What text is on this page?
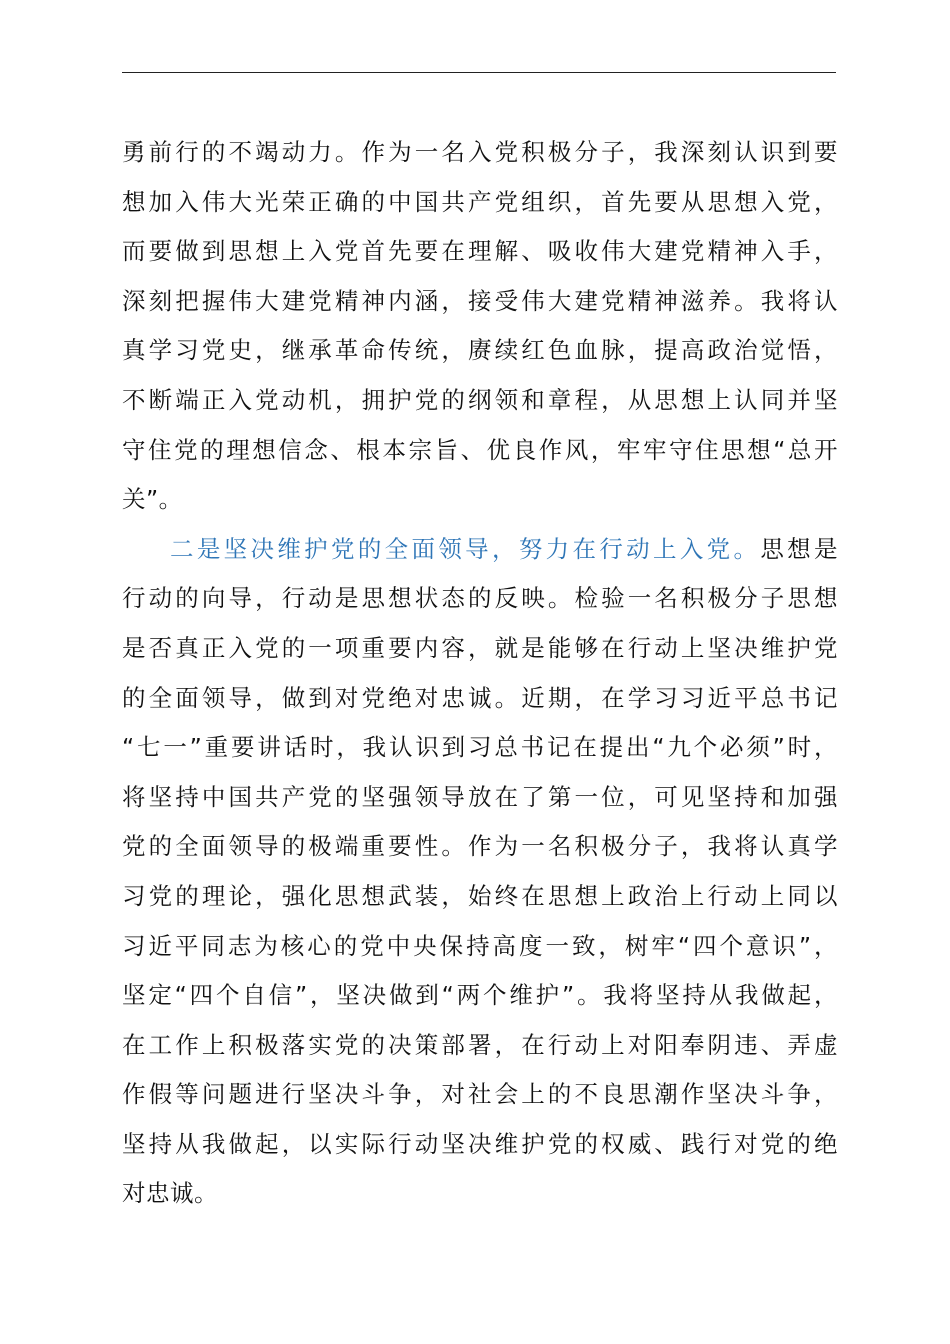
勇前行的不竭动力。作为一名入党积极分子，我深刻认识到要
想加入伟大光荣正确的中国共产党组织，首先要从思想入党，
而要做到思想上入党首先要在理解、吸收伟大建党精神入手，
深刻把握伟大建党精神内涵，接受伟大建党精神滋养。我将认
真学习党史，继承革命传统，赓续红色血脉，提高政治觉悟，
不断端正入党动机，拥护党的纲领和章程，从思想上认同并坚
守住党的理想信念、根本宗旨、优良作风，牢牢守住思想“总开
关”。
二是坚决维护党的全面领导，努力在行动上入党。思想是
行动的向导，行动是思想状态的反映。检验一名积极分子思想
是否真正入党的一项重要内容，就是能够在行动上坚决维护党
的全面领导，做到对党绝对忠诚。近期，在学习习近平总书记
“七一”重要讲话时，我认识到习总书记在提出“九个必须”时，
将坚持中国共产党的坚强领导放在了第一位，可见坚持和加强
党的全面领导的极端重要性。作为一名积极分子，我将认真学
习党的理论，强化思想武装，始终在思想上政治上行动上同以
习近平同志为核心的党中央保持高度一致，树牢“四个意识”，
坚定“四个自信”，坚决做到“两个维护”。我将坚持从我做起，
在工作上积极落实党的决策部署，在行动上对阳奉阴违、弄虚
作假等问题进行坚决斗争，对社会上的不良思潮作坚决斗争，
坚持从我做起，以实际行动坚决维护党的权威、践行对党的绝
对忠诚。
